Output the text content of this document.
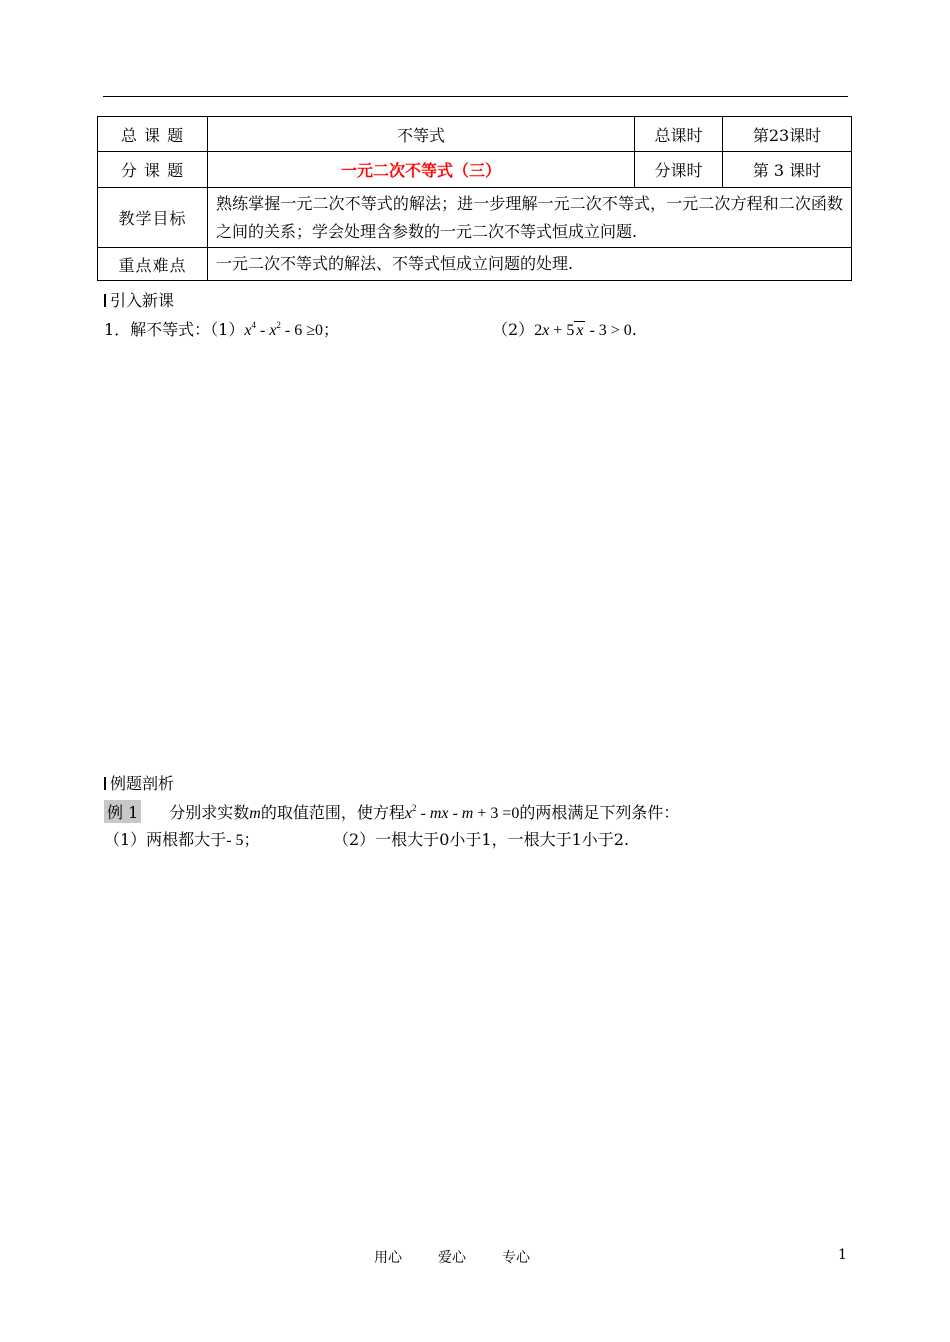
总 课 题	不等式	总课时	第23课时
分 课 题	一元二次不等式（三）	分课时	第 3 课时
教学目标	熟练掌握一元二次不等式的解法；进一步理解一元二次不等式，一元二次方程和二次函数之间的关系；学会处理含参数的一元二次不等式恒成立问题.		
重点难点	一元二次不等式的解法、不等式恒成立问题的处理.		
引入新课
1．解不等式：$(1)x^4 - x^2 - 6 \ge 0$；	（2）2x + 5 x - 3 > 0.
例题剖析
例 1 分别求实数m的取值范围，使方程$x^2$ - mx - m + 3 =0的两根满足下列条件：
（1）两根都大于- 5；	（2）一根大于0小于1，一根大于1小于2.
用心	爱心	专心	1
